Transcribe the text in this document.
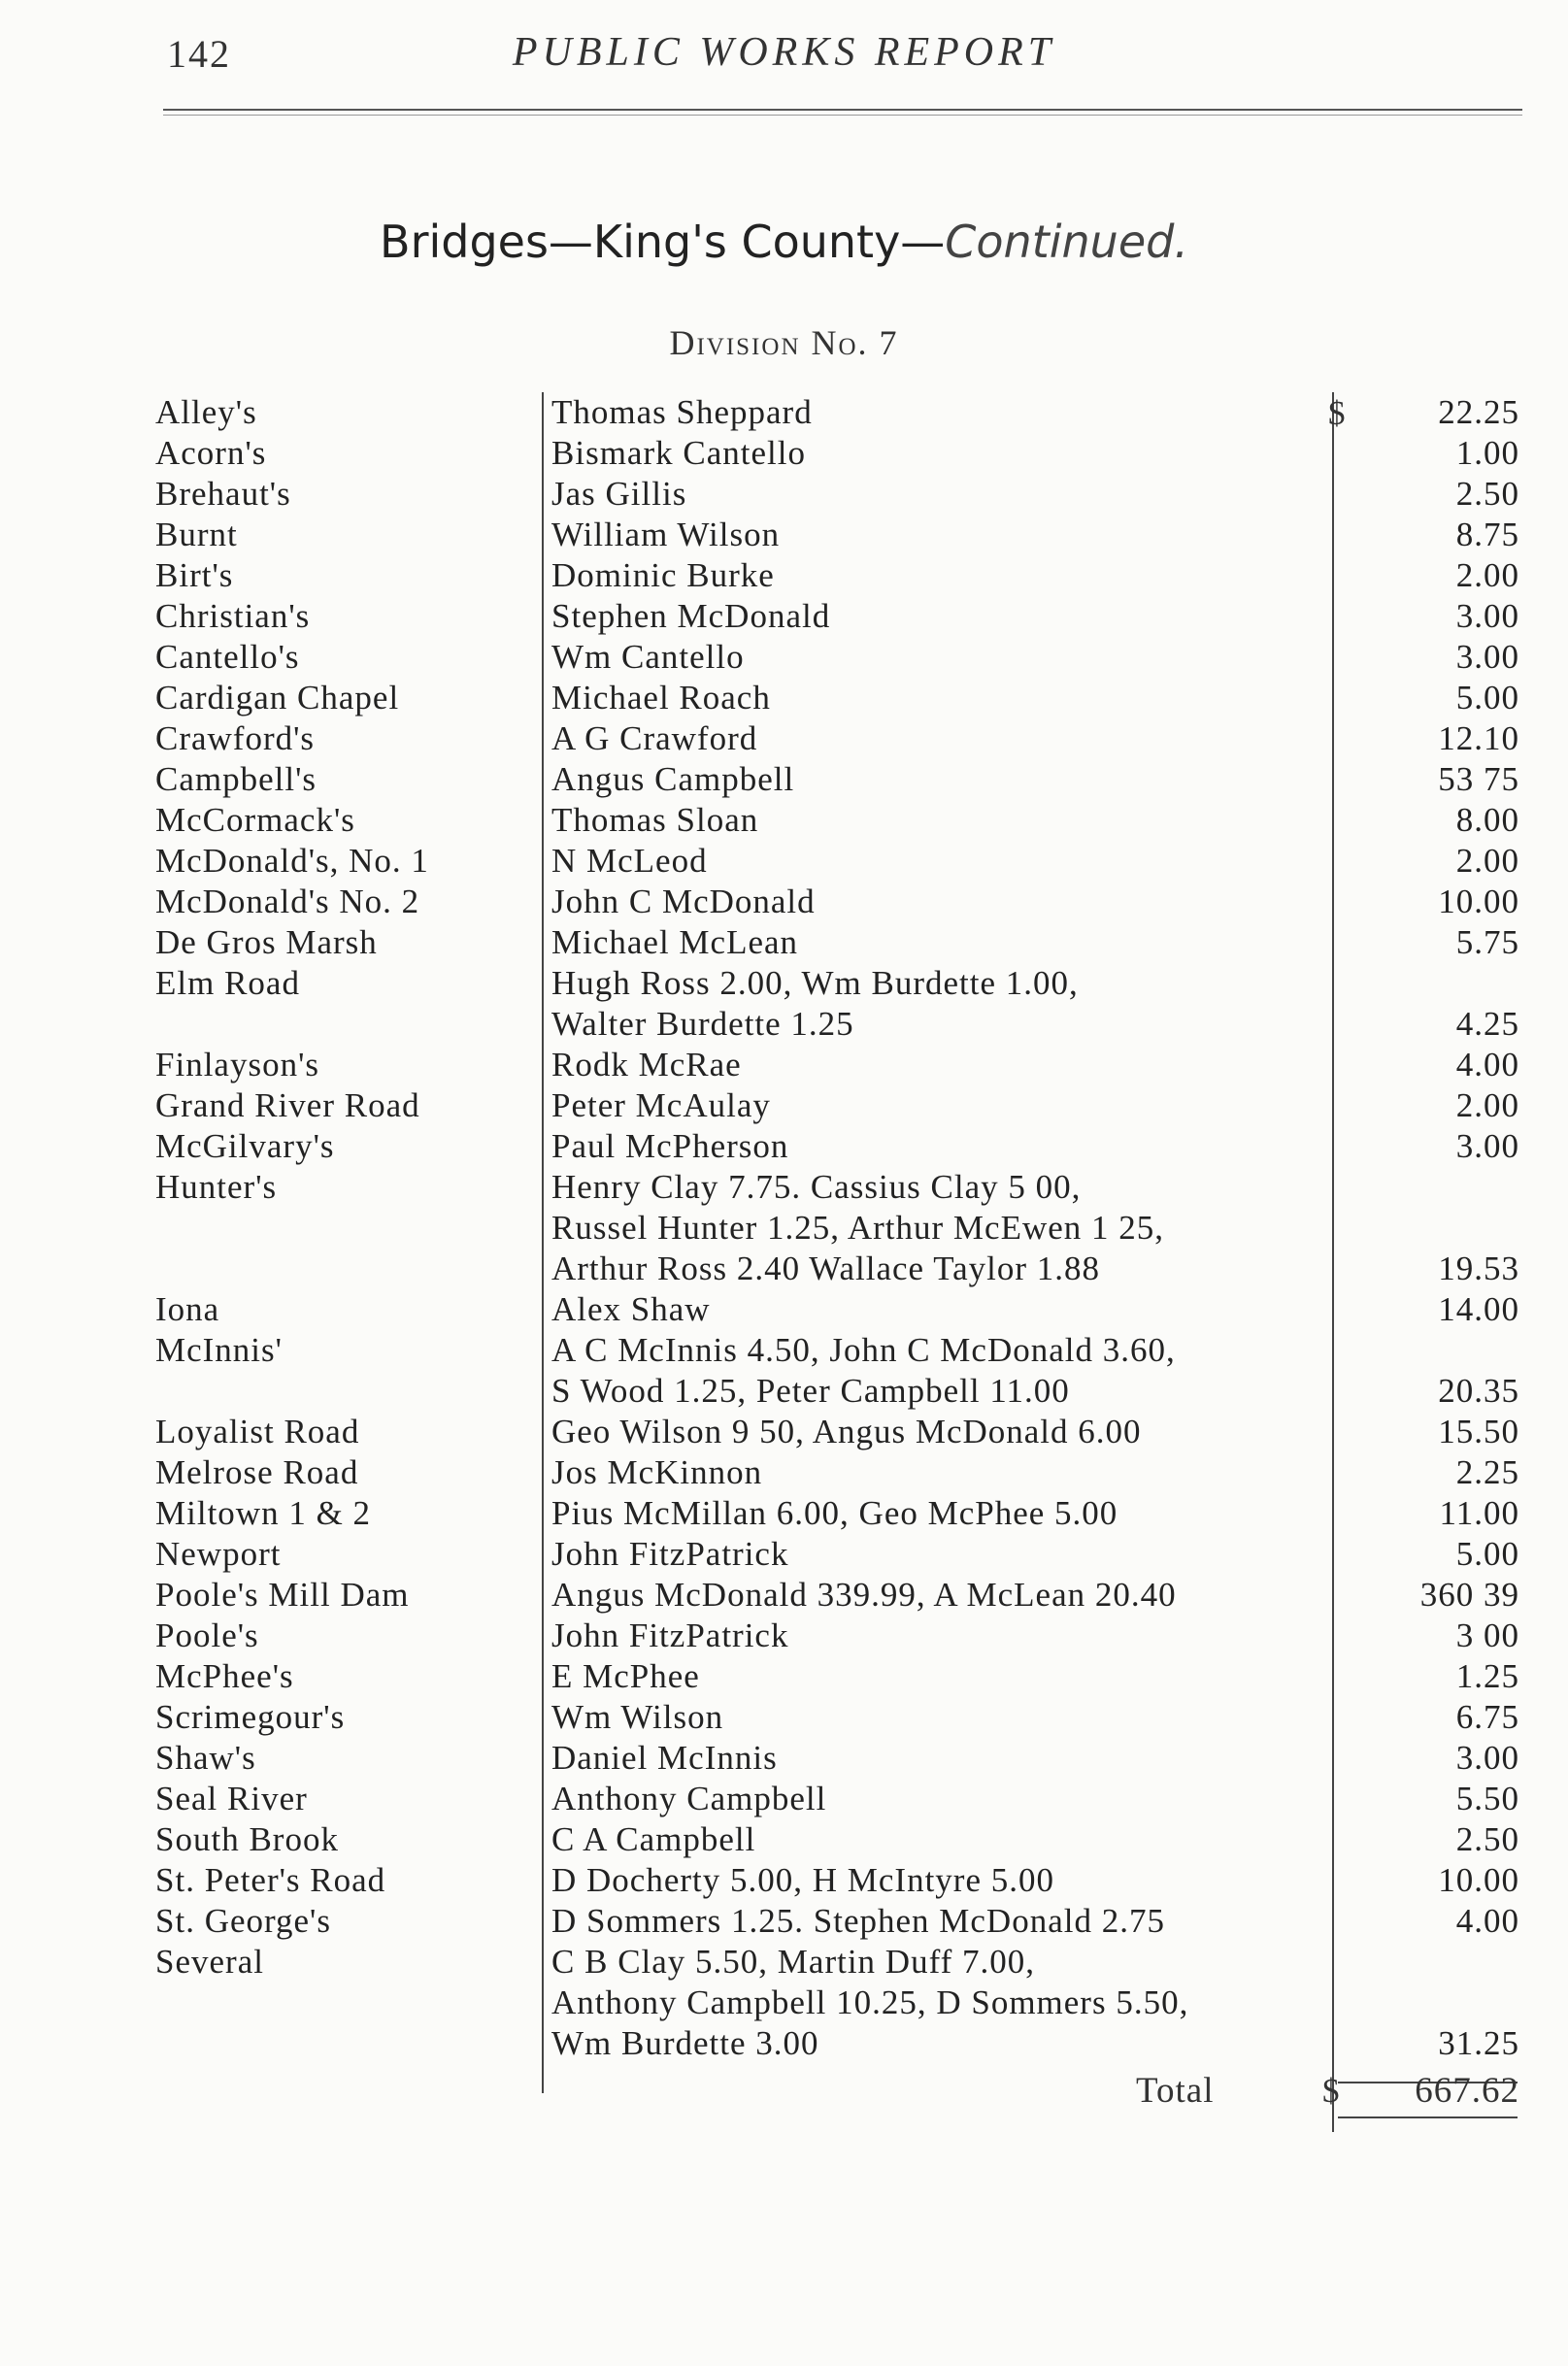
142	PUBLIC WORKS REPORT
Bridges—King's County—Continued.
Division No. 7
$
Alley's	Thomas Sheppard	22.25
Acorn's	Bismark Cantello	1.00
Brehaut's	Jas Gillis	2.50
Burnt	William Wilson	8.75
Birt's	Dominic Burke	2.00
Christian's	Stephen McDonald	3.00
Cantello's	Wm Cantello	3.00
Cardigan Chapel	Michael Roach	5.00
Crawford's	A G Crawford	12.10
Campbell's	Angus Campbell	53 75
McCormack's	Thomas Sloan	8.00
McDonald's, No. 1	N McLeod	2.00
McDonald's No. 2	John C McDonald	10.00
De Gros Marsh	Michael McLean	5.75
Elm Road	Hugh Ross 2.00, Wm Burdette 1.00,
Walter Burdette 1.25	4.25
Finlayson's	Rodk McRae	4.00
Grand River Road	Peter McAulay	2.00
McGilvary's	Paul McPherson	3.00
Hunter's	Henry Clay 7.75. Cassius Clay 5 00,
Russel Hunter 1.25, Arthur McEwen 1 25,
Arthur Ross 2.40 Wallace Taylor 1.88	19.53
Iona	Alex Shaw	14.00
McInnis'	A C McInnis 4.50, John C McDonald 3.60,
S Wood 1.25, Peter Campbell 11.00	20.35
Loyalist Road	Geo Wilson 9 50, Angus McDonald 6.00	15.50
Melrose Road	Jos McKinnon	2.25
Miltown 1 & 2	Pius McMillan 6.00, Geo McPhee 5.00	11.00
Newport	John FitzPatrick	5.00
Poole's Mill Dam	Angus McDonald 339.99, A McLean 20.40	360 39
Poole's	John FitzPatrick	3 00
McPhee's	E McPhee	1.25
Scrimegour's	Wm Wilson	6.75
Shaw's	Daniel McInnis	3.00
Seal River	Anthony Campbell	5.50
South Brook	C A Campbell	2.50
St. Peter's Road	D Docherty 5.00, H McIntyre 5.00	10.00
St. George's	D Sommers 1.25. Stephen McDonald 2.75	4.00
Several	C B Clay 5.50, Martin Duff 7.00,
Anthony Campbell 10.25, D Sommers 5.50,
Wm Burdette 3.00	31.25
Total	$ 667.62
